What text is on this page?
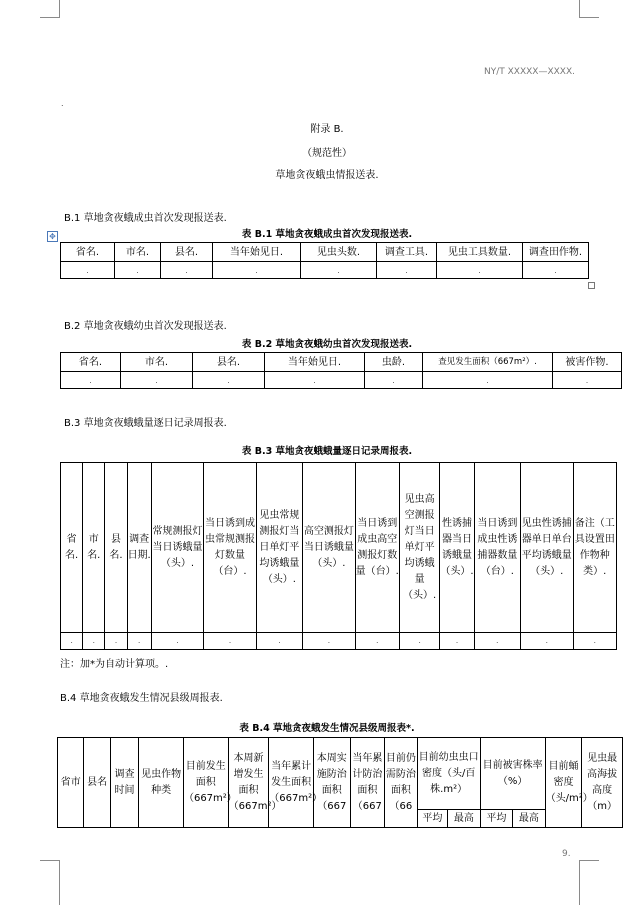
NY/T XXXXX—XXXX.
.
附录 B.
（规范性）
草地贪夜蛾虫情报送表.
B.1 草地贪夜蛾成虫首次发现报送表.
表 B.1 草地贪夜蛾成虫首次发现报送表.
✥
省名.	市名.	县名.	当年始见日.	见虫头数.	调查工具.	见虫工具数量.	调查田作物.
.	.	.	.	.	.	.	.
B.2 草地贪夜蛾幼虫首次发现报送表.
表 B.2 草地贪夜蛾幼虫首次发现报送表.
省名.	市名.	县名.	当年始见日.	虫龄.	查见发生面积（667m²）.	被害作物.
.	.	.	.	.	.	.
B.3 草地贪夜蛾蛾量逐日记录周报表.
表 B.3 草地贪夜蛾蛾量逐日记录周报表.
省名.	市名.	县名.	调查日期.	常规测报灯当日诱蛾量（头）.	当日诱到成虫常规测报灯数量（台）.	见虫常规测报灯当日单灯平均诱蛾量（头）.	高空测报灯当日诱蛾量（头）.	当日诱到成虫高空测报灯数量（台）.	见虫高空测报灯当日单灯平均诱蛾量（头）.	性诱捕器当日诱蛾量（头）.	当日诱到成虫性诱捕器数量（台）.	见虫性诱捕器单日单台平均诱蛾量（头）.	备注（工具设置田作物种类）.
.	.	.	.	.	.	.	.	.	.	.	.	.	.
注：加*为自动计算项。.
B.4 草地贪夜蛾发生情况县级周报表.
表 B.4 草地贪夜蛾发生情况县级周报表*.
省市	县名	调查时间	见虫作物种类	目前发生面积（667m²）	本周新增发生面积（667m²）	当年累计发生面积（667m²）	本周实施防治面积（667	当年累计防治面积（667	目前仍需防治面积（66	目前幼虫虫口密度（头/百株.m²）		目前被害株率（%）		目前蛹密度（头/m²）	见虫最高海拔高度（m）
										平均	最高	平均	最高		
9.
